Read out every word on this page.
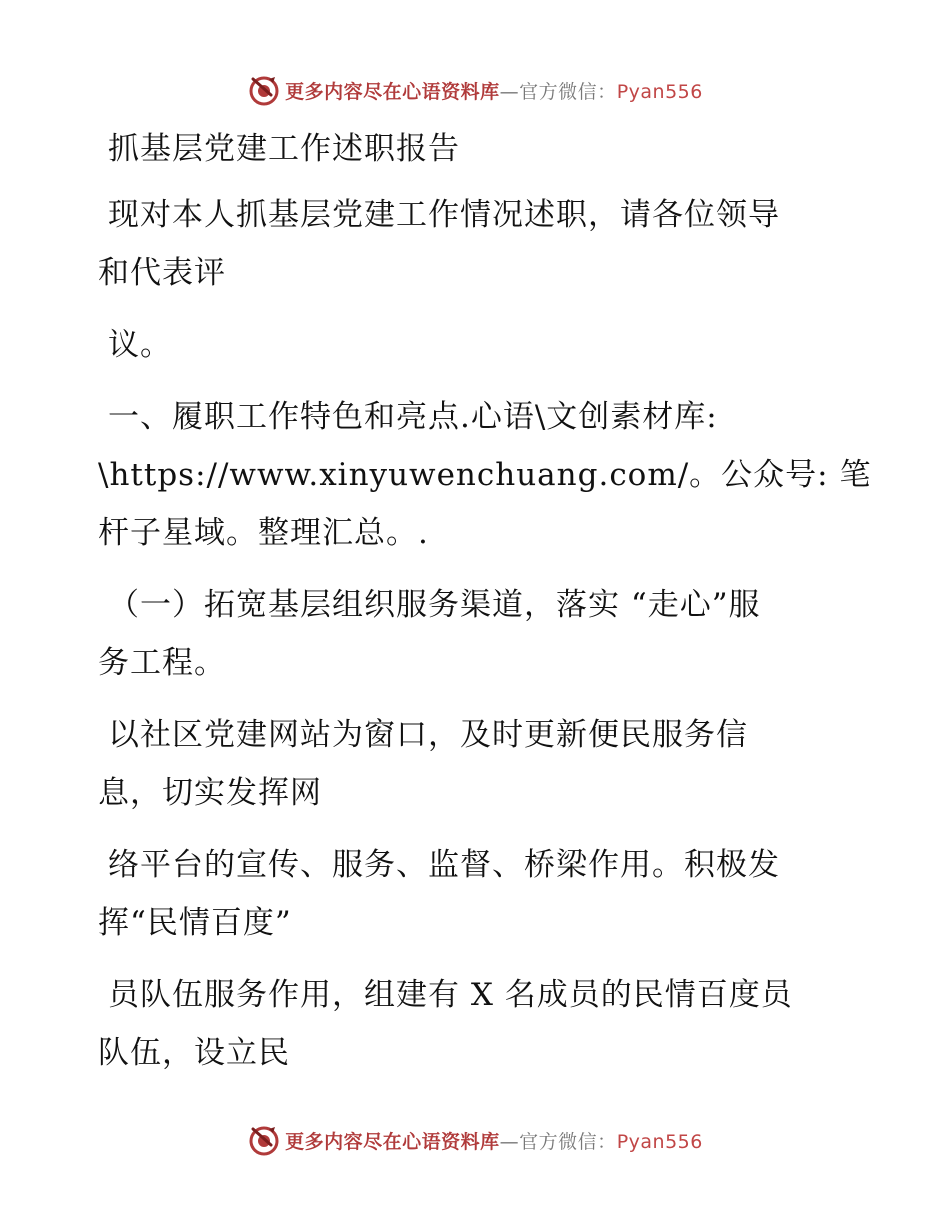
更多内容尽在心语资料库—官方微信：Pyan556
抓基层党建工作述职报告
现对本人抓基层党建工作情况述职，请各位领导
和代表评
议。
一、履职工作特色和亮点.心语\文创素材库:
\https://www.xinyuwenchuang.com/。公众号: 笔
杆子星域。整理汇总。.
（一）拓宽基层组织服务渠道，落实 “走心”服
务工程。
以社区党建网站为窗口，及时更新便民服务信
息，切实发挥网
络平台的宣传、服务、监督、桥梁作用。积极发
挥“民情百度”
员队伍服务作用，组建有 X 名成员的民情百度员
队伍，设立民
更多内容尽在心语资料库—官方微信：Pyan556
